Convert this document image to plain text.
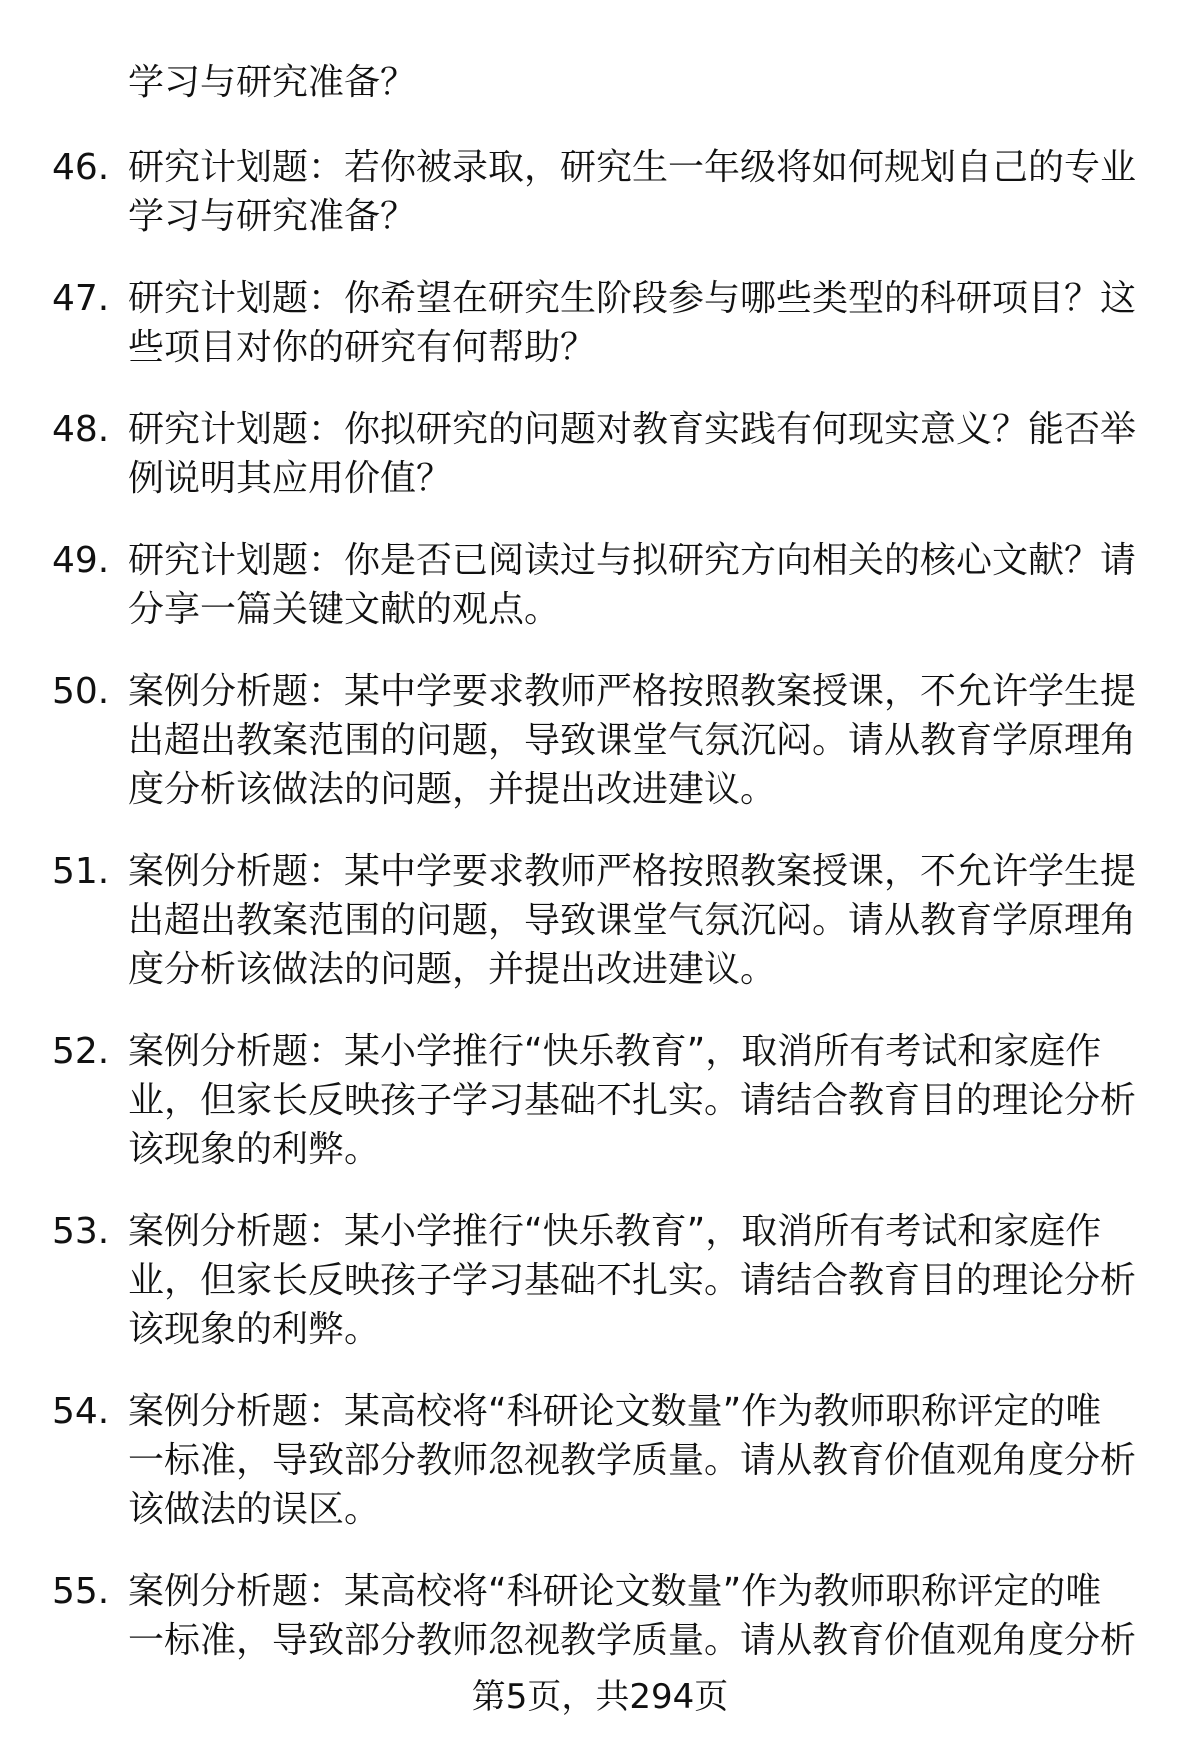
学习与研究准备？
46. 研究计划题：若你被录取，研究生一年级将如何规划自己的专业
学习与研究准备？
47. 研究计划题：你希望在研究生阶段参与哪些类型的科研项目？这
些项目对你的研究有何帮助？
48. 研究计划题：你拟研究的问题对教育实践有何现实意义？能否举
例说明其应用价值？
49. 研究计划题：你是否已阅读过与拟研究方向相关的核心文献？请
分享一篇关键文献的观点。
50. 案例分析题：某中学要求教师严格按照教案授课，不允许学生提
出超出教案范围的问题，导致课堂气氛沉闷。请从教育学原理角
度分析该做法的问题，并提出改进建议。
51. 案例分析题：某中学要求教师严格按照教案授课，不允许学生提
出超出教案范围的问题，导致课堂气氛沉闷。请从教育学原理角
度分析该做法的问题，并提出改进建议。
52. 案例分析题：某小学推行“快乐教育”，取消所有考试和家庭作
业，但家长反映孩子学习基础不扎实。请结合教育目的理论分析
该现象的利弊。
53. 案例分析题：某小学推行“快乐教育”，取消所有考试和家庭作
业，但家长反映孩子学习基础不扎实。请结合教育目的理论分析
该现象的利弊。
54. 案例分析题：某高校将“科研论文数量”作为教师职称评定的唯
一标准，导致部分教师忽视教学质量。请从教育价值观角度分析
该做法的误区。
55. 案例分析题：某高校将“科研论文数量”作为教师职称评定的唯
一标准，导致部分教师忽视教学质量。请从教育价值观角度分析
第5页，共294页
